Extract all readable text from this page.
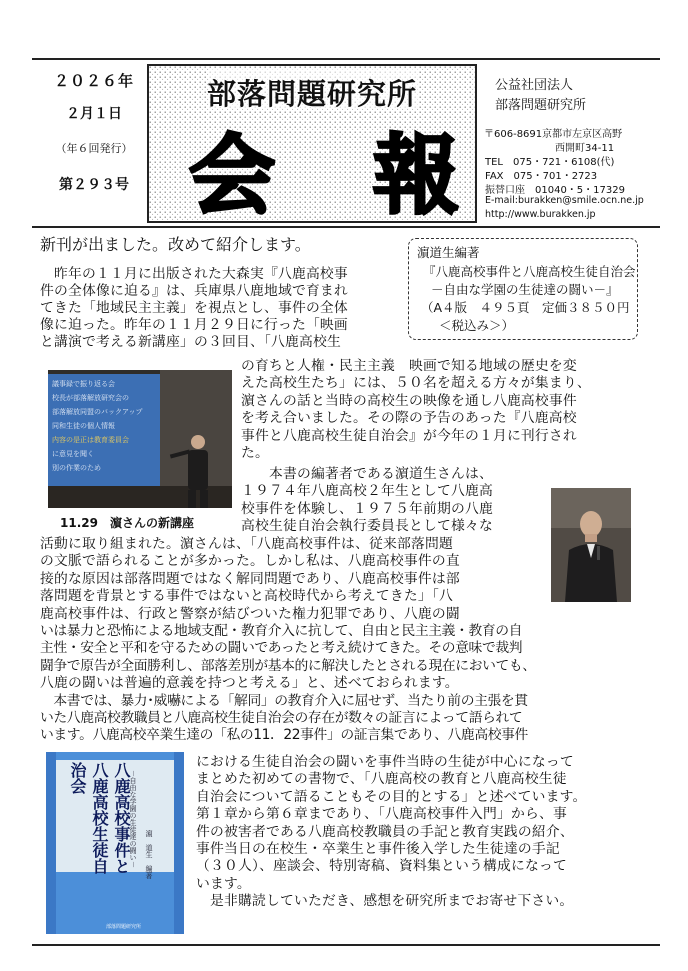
２０２６年
２月１日
（年６回発行）
第２９３号
部落問題研究所
会　報
公益社団法人
部落問題研究所
〒606-8691京都市左京区高野
西開町34-11
TEL　075・721・6108(代)
FAX　075・701・2723
振替口座　01040・5・17329
E-mail:burakken@smile.ocn.ne.jp
http://www.burakken.jp
新刊が出ました。改めて紹介します。	濵道生編著
『八鹿高校事件と八鹿高校生徒自治会
－自由な学園の生徒達の闘い－』
（A４版　４９５頁　定価３８５０円
＜税込み＞）
　昨年の１１月に出版された大森実『八鹿高校事
件の全体像に迫る』は、兵庫県八鹿地域で育まれ
てきた「地域民主主義」を視点とし、事件の全体
像に迫った。昨年の１１月２９日に行った「映画
と講演で考える新講座」の３回目、「八鹿高校生
議事録で振り返る会
校長が部落解放研究会の
部落解放同盟のバックアップ
同和生徒の個人情報
内容の是正は教育委員会
に意見を聞く
別の作業のため
11.29　濵さんの新講座
の育ちと人権・民主主義　映画で知る地域の歴史を変
えた高校生たち」には、５０名を超える方々が集まり、
濵さんの話と当時の高校生の映像を通し八鹿高校事件
を考え合いました。その際の予告のあった『八鹿高校
事件と八鹿高校生徒自治会』が今年の１月に刊行され
た。
　　本書の編著者である濵道生さんは、
１９７４年八鹿高校２年生として八鹿高
校事件を体験し、１９７５年前期の八鹿
高校生徒自治会執行委員長として様々な
活動に取り組まれた。濵さんは、「八鹿高校事件は、従来部落問題
の文脈で語られることが多かった。しかし私は、八鹿高校事件の直
接的な原因は部落問題ではなく解同問題であり、八鹿高校事件は部
落問題を背景とする事件ではないと高校時代から考えてきた」「八
鹿高校事件は、行政と警察が結びついた権力犯罪であり、八鹿の闘
いは暴力と恐怖による地域支配・教育介入に抗して、自由と民主主義・教育の自
主性・安全と平和を守るための闘いであったと考え続けてきた。その意味で裁判
闘争で原告が全面勝利し、部落差別が基本的に解決したとされる現在においても、
八鹿の闘いは普遍的意義を持つと考える」と、述べておられます。
　本書では、暴力･威嚇による「解同」の教育介入に屈せず、当たり前の主張を貫
いた八鹿高校教職員と八鹿高校生徒自治会の存在が数々の証言によって語られて
います。八鹿高校卒業生達の「私の11．22事件」の証言集であり、八鹿高校事件
部落問題研究所
八鹿高校事件と八鹿高校生徒自治会	－自由な学園の生徒達の闘い－ 濵　道生　編著
における生徒自治会の闘いを事件当時の生徒が中心になって
まとめた初めての書物で、「八鹿高校の教育と八鹿高校生徒
自治会について語ることもその目的とする」と述べています。
第１章から第６章まであり、「八鹿高校事件入門」から、事
件の被害者である八鹿高校教職員の手記と教育実践の紹介、
事件当日の在校生・卒業生と事件後入学した生徒達の手記
（３０人）、座談会、特別寄稿、資料集という構成になって
います。
　是非購読していただき、感想を研究所までお寄せ下さい。
